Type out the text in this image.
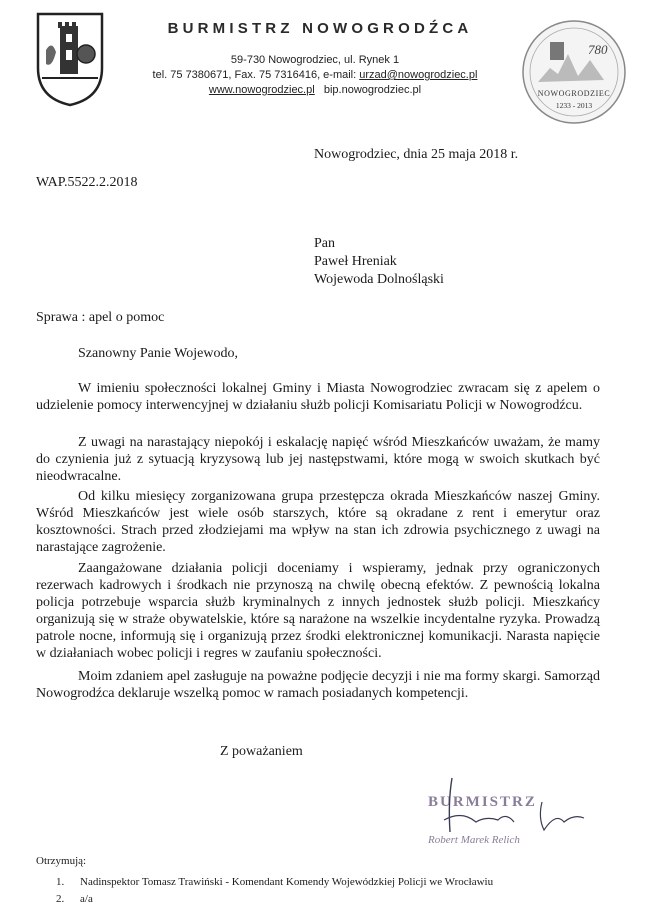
BURMISTRZ NOWOGRODŹCA
59-730 Nowogrodziec, ul. Rynek 1
tel. 75 7380671, Fax. 75 7316416, e-mail: urzad@nowogrodziec.pl
www.nowogrodziec.pl bip.nowogrodziec.pl
780
NOWOGRODZIEC
1233 - 2013
Nowogrodziec, dnia 25 maja 2018 r.
WAP.5522.2.2018
Pan
Paweł Hreniak
Wojewoda Dolnośląski
Sprawa : apel o pomoc
Szanowny Panie Wojewodo,
W imieniu społeczności lokalnej Gminy i Miasta Nowogrodziec zwracam się z apelem o udzielenie pomocy interwencyjnej w działaniu służb policji Komisariatu Policji w Nowogrodźcu.
Z uwagi na narastający niepokój i eskalację napięć wśród Mieszkańców uważam, że mamy do czynienia już z sytuacją kryzysową lub jej następstwami, które mogą w swoich skutkach być nieodwracalne.
Od kilku miesięcy zorganizowana grupa przestępcza okrada Mieszkańców naszej Gminy. Wśród Mieszkańców jest wiele osób starszych, które są okradane z rent i emerytur oraz kosztowności. Strach przed złodziejami ma wpływ na stan ich zdrowia psychicznego z uwagi na narastające zagrożenie.
Zaangażowane działania policji doceniamy i wspieramy, jednak przy ograniczonych rezerwach kadrowych i środkach nie przynoszą na chwilę obecną efektów. Z pewnością lokalna policja potrzebuje wsparcia służb kryminalnych z innych jednostek służb policji. Mieszkańcy organizują się w straże obywatelskie, które są narażone na wszelkie incydentalne ryzyka. Prowadzą patrole nocne, informują się i organizują przez środki elektronicznej komunikacji. Narasta napięcie w działaniach wobec policji i regres w zaufaniu społeczności.
Moim zdaniem apel zasługuje na poważne podjęcie decyzji i nie ma formy skargi. Samorząd Nowogrodźca deklaruje wszelką pomoc w ramach posiadanych kompetencji.
Z poważaniem
BURMISTRZ
Robert Marek Relich
Otrzymują:
1. Nadinspektor Tomasz Trawiński - Komendant Komendy Wojewódzkiej Policji we Wrocławiu
2. a/a
